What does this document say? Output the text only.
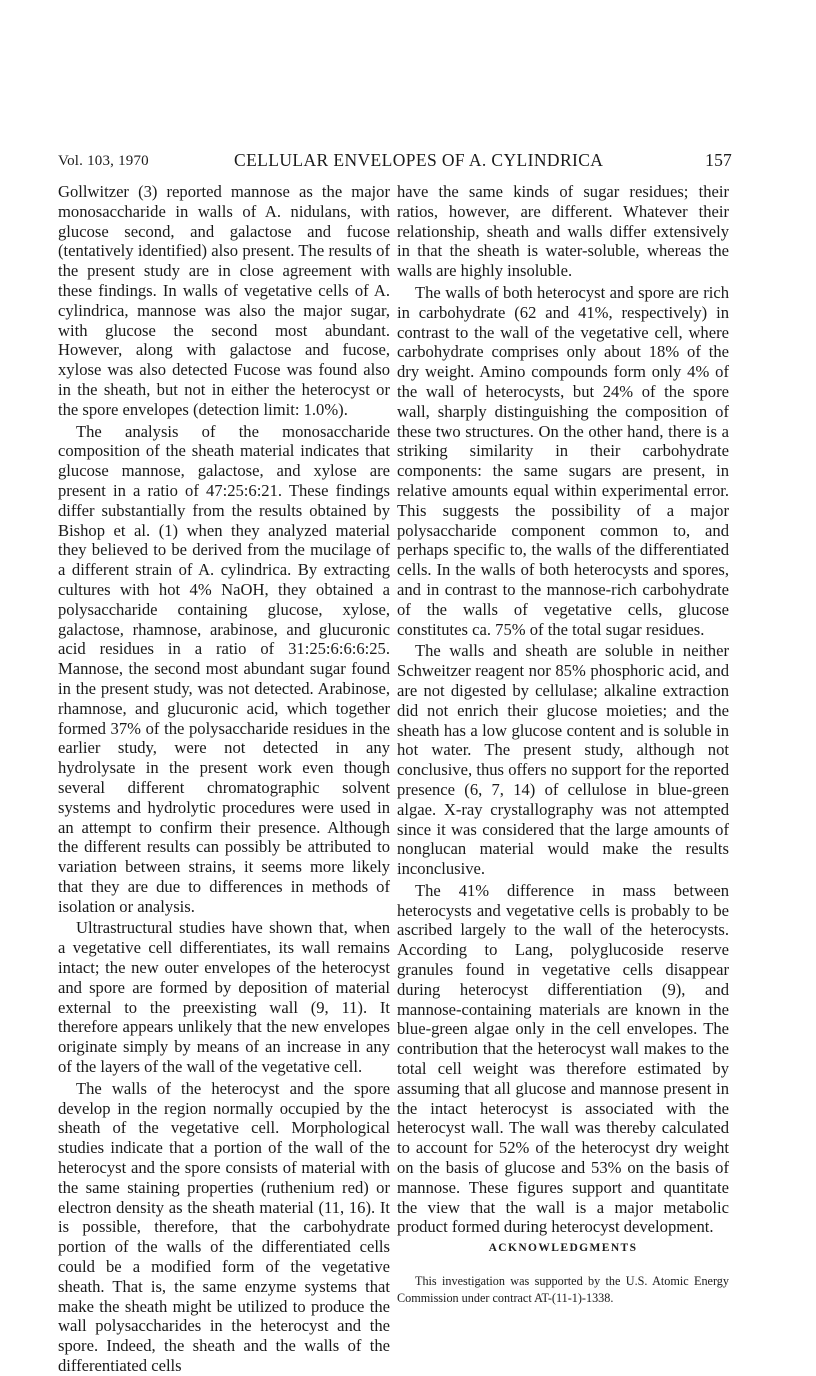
Vol. 103, 1970	CELLULAR ENVELOPES OF A. CYLINDRICA	157

Gollwitzer (3) reported mannose as the major monosaccharide in walls of A. nidulans, with glucose second, and galactose and fucose (tentatively identified) also present. The results of the present study are in close agreement with these findings. In walls of vegetative cells of A. cylindrica, mannose was also the major sugar, with glucose the second most abundant. However, along with galactose and fucose, xylose was also detected Fucose was found also in the sheath, but not in either the heterocyst or the spore envelopes (detection limit: 1.0%).

The analysis of the monosaccharide composition of the sheath material indicates that glucose mannose, galactose, and xylose are present in a ratio of 47:25:6:21. These findings differ substantially from the results obtained by Bishop et al. (1) when they analyzed material they believed to be derived from the mucilage of a different strain of A. cylindrica. By extracting cultures with hot 4% NaOH, they obtained a polysaccharide containing glucose, xylose, galactose, rhamnose, arabinose, and glucuronic acid residues in a ratio of 31:25:6:6:6:25. Mannose, the second most abundant sugar found in the present study, was not detected. Arabinose, rhamnose, and glucuronic acid, which together formed 37% of the polysaccharide residues in the earlier study, were not detected in any hydrolysate in the present work even though several different chromatographic solvent systems and hydrolytic procedures were used in an attempt to confirm their presence. Although the different results can possibly be attributed to variation between strains, it seems more likely that they are due to differences in methods of isolation or analysis.

Ultrastructural studies have shown that, when a vegetative cell differentiates, its wall remains intact; the new outer envelopes of the heterocyst and spore are formed by deposition of material external to the preexisting wall (9, 11). It therefore appears unlikely that the new envelopes originate simply by means of an increase in any of the layers of the wall of the vegetative cell.

The walls of the heterocyst and the spore develop in the region normally occupied by the sheath of the vegetative cell. Morphological studies indicate that a portion of the wall of the heterocyst and the spore consists of material with the same staining properties (ruthenium red) or electron density as the sheath material (11, 16). It is possible, therefore, that the carbohydrate portion of the walls of the differentiated cells could be a modified form of the vegetative sheath. That is, the same enzyme systems that make the sheath might be utilized to produce the wall polysaccharides in the heterocyst and the spore. Indeed, the sheath and the walls of the differentiated cells

have the same kinds of sugar residues; their ratios, however, are different. Whatever their relationship, sheath and walls differ extensively in that the sheath is water-soluble, whereas the walls are highly insoluble.

The walls of both heterocyst and spore are rich in carbohydrate (62 and 41%, respectively) in contrast to the wall of the vegetative cell, where carbohydrate comprises only about 18% of the dry weight. Amino compounds form only 4% of the wall of heterocysts, but 24% of the spore wall, sharply distinguishing the composition of these two structures. On the other hand, there is a striking similarity in their carbohydrate components: the same sugars are present, in relative amounts equal within experimental error. This suggests the possibility of a major polysaccharide component common to, and perhaps specific to, the walls of the differentiated cells. In the walls of both heterocysts and spores, and in contrast to the mannose-rich carbohydrate of the walls of vegetative cells, glucose constitutes ca. 75% of the total sugar residues.

The walls and sheath are soluble in neither Schweitzer reagent nor 85% phosphoric acid, and are not digested by cellulase; alkaline extraction did not enrich their glucose moieties; and the sheath has a low glucose content and is soluble in hot water. The present study, although not conclusive, thus offers no support for the reported presence (6, 7, 14) of cellulose in blue-green algae. X-ray crystallography was not attempted since it was considered that the large amounts of nonglucan material would make the results inconclusive.

The 41% difference in mass between heterocysts and vegetative cells is probably to be ascribed largely to the wall of the heterocysts. According to Lang, polyglucoside reserve granules found in vegetative cells disappear during heterocyst differentiation (9), and mannose-containing materials are known in the blue-green algae only in the cell envelopes. The contribution that the heterocyst wall makes to the total cell weight was therefore estimated by assuming that all glucose and mannose present in the intact heterocyst is associated with the heterocyst wall. The wall was thereby calculated to account for 52% of the heterocyst dry weight on the basis of glucose and 53% on the basis of mannose. These figures support and quantitate the view that the wall is a major metabolic product formed during heterocyst development.

ACKNOWLEDGMENTS

This investigation was supported by the U.S. Atomic Energy Commission under contract AT-(11-1)-1338.
